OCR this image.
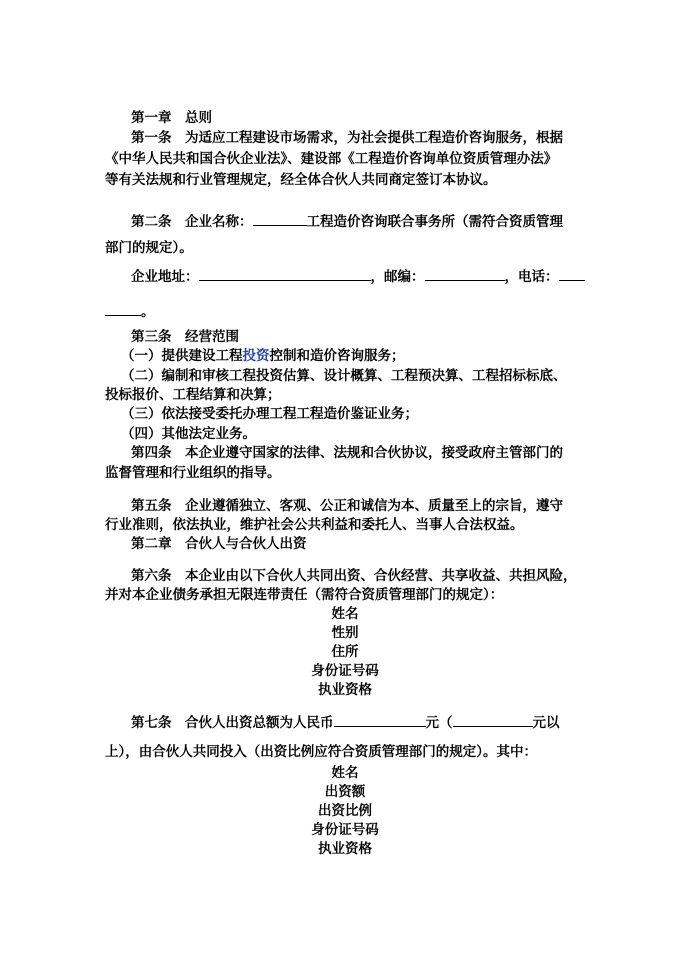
第一章　总则
第一条　为适应工程建设市场需求，为社会提供工程造价咨询服务，根据
《中华人民共和国合伙企业法》、建设部《工程造价咨询单位资质管理办法》
等有关法规和行业管理规定，经全体合伙人共同商定签订本协议。
第二条　企业名称：	工程造价咨询联合事务所（需符合资质管理
部门的规定）。
企业地址：	，邮编：	，电话：
。
第三条　经营范围
（一）提供建设工程投资控制和造价咨询服务；
（二）编制和审核工程投资估算、设计概算、工程预决算、工程招标标底、
投标报价、工程结算和决算；
（三）依法接受委托办理工程工程造价鉴证业务；
（四）其他法定业务。
第四条　本企业遵守国家的法律、法规和合伙协议，接受政府主管部门的
监督管理和行业组织的指导。
第五条　企业遵循独立、客观、公正和诚信为本、质量至上的宗旨，遵守
行业准则，依法执业，维护社会公共利益和委托人、当事人合法权益。
第二章　合伙人与合伙人出资
第六条　本企业由以下合伙人共同出资、合伙经营、共享收益、共担风险，
并对本企业债务承担无限连带责任（需符合资质管理部门的规定）：
姓名
性别
住所
身份证号码
执业资格
第七条　合伙人出资总额为人民币	元（	元以
上），由合伙人共同投入（出资比例应符合资质管理部门的规定）。其中：
姓名
出资额
出资比例
身份证号码
执业资格
